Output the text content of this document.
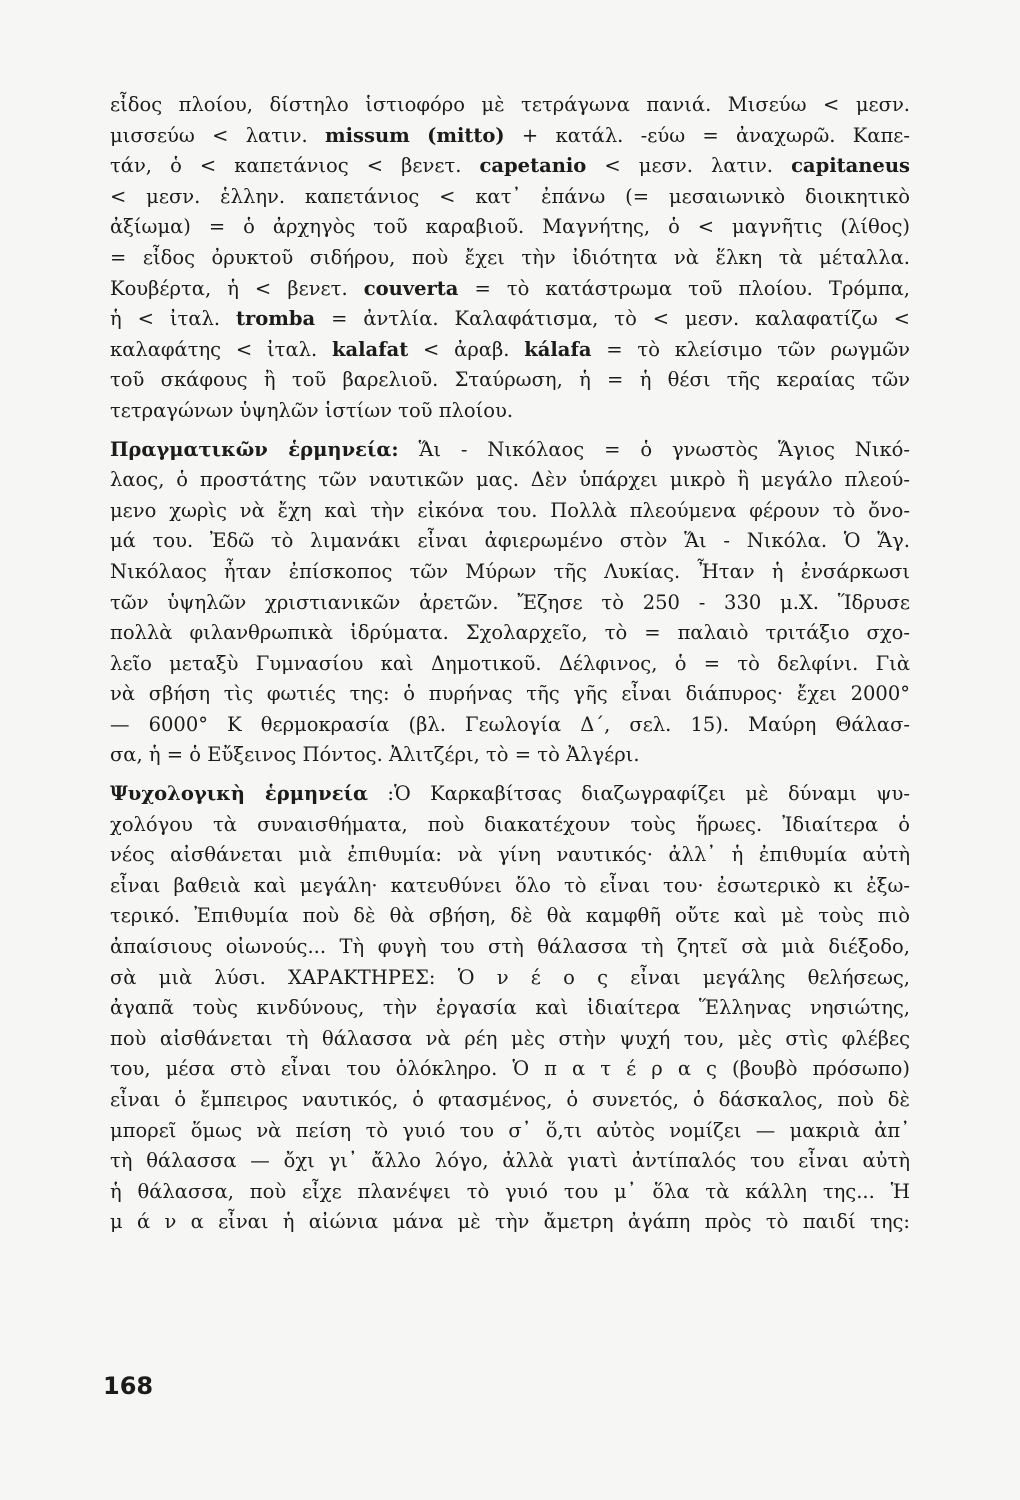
εἶδος πλοίου, δίστηλο ἱστιοφόρο μὲ τετράγωνα πανιά. Μισεύω < μεσν.
μισσεύω < λατιν. missum (mitto) + κατάλ. -εύω = ἀναχωρῶ. Καπε-
τάν, ὁ < καπετάνιος < βενετ. capetanio < μεσν. λατιν. capitaneus
< μεσν. ἑλλην. καπετάνιος < κατ᾿ ἐπάνω (= μεσαιωνικὸ διοικητικὸ
ἀξίωμα) = ὁ ἀρχηγὸς τοῦ καραβιοῦ. Μαγνήτης, ὁ < μαγνῆτις (λίθος)
= εἶδος ὀρυκτοῦ σιδήρου, ποὺ ἔχει τὴν ἰδιότητα νὰ ἕλκη τὰ μέταλλα.
Κουβέρτα, ἡ < βενετ. couverta = τὸ κατάστρωμα τοῦ πλοίου. Τρόμπα,
ἡ < ἰταλ. tromba = ἀντλία. Καλαφάτισμα, τὸ < μεσν. καλαφατίζω <
καλαφάτης < ἰταλ. kalafat < ἀραβ. kálafa = τὸ κλείσιμο τῶν ρωγμῶν
τοῦ σκάφους ἢ τοῦ βαρελιοῦ. Σταύρωση, ἡ = ἡ θέσι τῆς κεραίας τῶν
τετραγώνων ὑψηλῶν ἱστίων τοῦ πλοίου.
Πραγματικῶν ἑρμηνεία: Ἅι - Νικόλαος = ὁ γνωστὸς Ἅγιος Νικό-
λαος, ὁ προστάτης τῶν ναυτικῶν μας. Δὲν ὑπάρχει μικρὸ ἢ μεγάλο πλεού-
μενο χωρὶς νὰ ἔχη καὶ τὴν εἰκόνα του. Πολλὰ πλεούμενα φέρουν τὸ ὄνο-
μά του. Ἐδῶ τὸ λιμανάκι εἶναι ἀφιερωμένο στὸν Ἅι - Νικόλα. Ὁ Ἅγ.
Νικόλαος ἦταν ἐπίσκοπος τῶν Μύρων τῆς Λυκίας. Ἦταν ἡ ἐνσάρκωσι
τῶν ὑψηλῶν χριστιανικῶν ἀρετῶν. Ἔζησε τὸ 250 - 330 μ.Χ. Ἵδρυσε
πολλὰ φιλανθρωπικὰ ἱδρύματα. Σχολαρχεῖο, τὸ = παλαιὸ τριτάξιο σχο-
λεῖο μεταξὺ Γυμνασίου καὶ Δημοτικοῦ. Δέλφινος, ὁ = τὸ δελφίνι. Γιὰ
νὰ σβήση τὶς φωτιές της: ὁ πυρήνας τῆς γῆς εἶναι διάπυρος· ἔχει 2000°
— 6000° K θερμοκρασία (βλ. Γεωλογία Δ΄, σελ. 15). Μαύρη Θάλασ-
σα, ἡ = ὁ Εὔξεινος Πόντος. Ἀλιτζέρι, τὸ = τὸ Ἀλγέρι.
Ψυχολογικὴ ἑρμηνεία :Ὁ Καρκαβίτσας διαζωγραφίζει μὲ δύναμι ψυ-
χολόγου τὰ συναισθήματα, ποὺ διακατέχουν τοὺς ἥρωες. Ἰδιαίτερα ὁ
νέος αἰσθάνεται μιὰ ἐπιθυμία: νὰ γίνη ναυτικός· ἀλλ᾿ ἡ ἐπιθυμία αὐτὴ
εἶναι βαθειὰ καὶ μεγάλη· κατευθύνει ὅλο τὸ εἶναι του· ἐσωτερικὸ κι ἐξω-
τερικό. Ἐπιθυμία ποὺ δὲ θὰ σβήση, δὲ θὰ καμφθῆ οὔτε καὶ μὲ τοὺς πιὸ
ἀπαίσιους οἰωνούς... Τὴ φυγὴ του στὴ θάλασσα τὴ ζητεῖ σὰ μιὰ διέξοδο,
σὰ μιὰ λύσι. ΧΑΡΑΚΤΗΡΕΣ: Ὁ ν έ ο ς εἶναι μεγάλης θελήσεως,
ἀγαπᾶ τοὺς κινδύνους, τὴν ἐργασία καὶ ἰδιαίτερα Ἕλληνας νησιώτης,
ποὺ αἰσθάνεται τὴ θάλασσα νὰ ρέη μὲς στὴν ψυχή του, μὲς στὶς φλέβες
του, μέσα στὸ εἶναι του ὁλόκληρο. Ὁ π α τ έ ρ α ς (βουβὸ πρόσωπο)
εἶναι ὁ ἔμπειρος ναυτικός, ὁ φτασμένος, ὁ συνετός, ὁ δάσκαλος, ποὺ δὲ
μπορεῖ ὅμως νὰ πείση τὸ γυιό του σ᾿ ὅ,τι αὐτὸς νομίζει — μακριὰ ἀπ᾿
τὴ θάλασσα — ὄχι γι᾿ ἄλλο λόγο, ἀλλὰ γιατὶ ἀντίπαλός του εἶναι αὐτὴ
ἡ θάλασσα, ποὺ εἶχε πλανέψει τὸ γυιό του μ᾿ ὅλα τὰ κάλλη της... Ἡ
μ ά ν α εἶναι ἡ αἰώνια μάνα μὲ τὴν ἄμετρη ἀγάπη πρὸς τὸ παιδί της:
168
